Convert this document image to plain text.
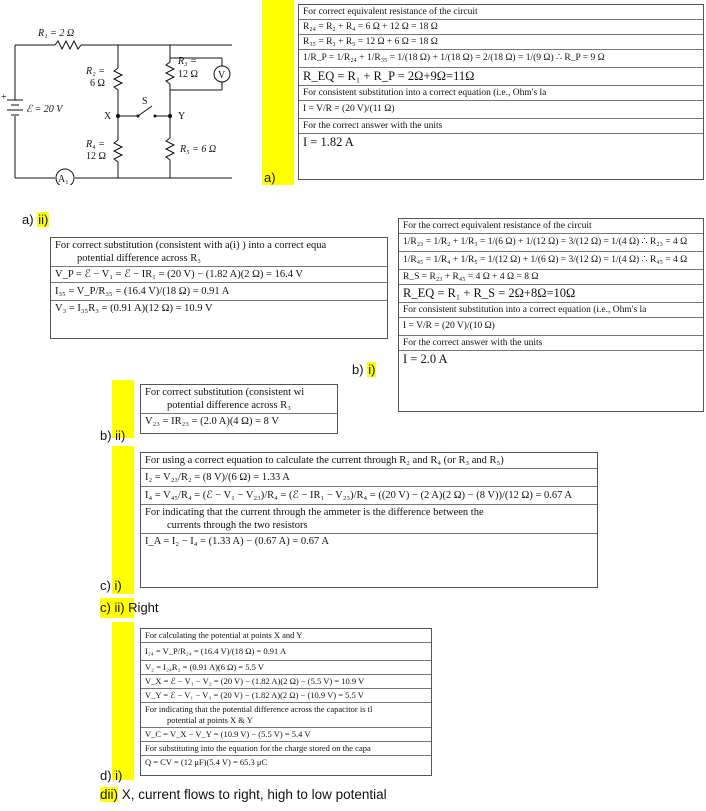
R₁ = 2 Ω
R₂ =
6 Ω
R₃ =
12 Ω
R₄ =
12 Ω
R₅ = 6 Ω
ℰ = 20 V
+
X	Y
S
V
A₁	a)
For correct equivalent resistance of the circuit
R₂₄ = R₂ + R₄ = 6 Ω + 12 Ω = 18 Ω
R₃₅ = R₃ + R₅ = 12 Ω + 6 Ω = 18 Ω
1/R_P = 1/R₂₄ + 1/R₃₅ = 1/(18 Ω) + 1/(18 Ω) = 2/(18 Ω) = 1/(9 Ω) ∴ R_P = 9 Ω
R_EQ = R₁ + R_P = 2Ω+9Ω=11Ω
For consistent substitution into a correct equation (i.e., Ohm's la
I = V/R = (20 V)/(11 Ω)
For the correct answer with the units
I = 1.82 A
a) ii)
For correct substitution (consistent with a(i) ) into a correct equa
potential difference across R₃
V_P = ℰ − V₁ = ℰ − IR₁ = (20 V) − (1.82 A)(2 Ω) = 16.4 V
I₃₅ = V_P/R₃₅ = (16.4 V)/(18 Ω) = 0.91 A
V₃ = I₃₅R₃ = (0.91 A)(12 Ω) = 10.9 V
For the correct equivalent resistance of the circuit
1/R₂₃ = 1/R₂ + 1/R₃ = 1/(6 Ω) + 1/(12 Ω) = 3/(12 Ω) = 1/(4 Ω) ∴ R₂₃ = 4 Ω
1/R₄₅ = 1/R₄ + 1/R₅ = 1/(12 Ω) + 1/(6 Ω) = 3/(12 Ω) = 1/(4 Ω) ∴ R₄₅ = 4 Ω
R_S = R₂₃ + R₄₅ = 4 Ω + 4 Ω = 8 Ω
R_EQ = R₁ + R_S = 2Ω+8Ω=10Ω
For consistent substitution into a correct equation (i.e., Ohm's la
I = V/R = (20 V)/(10 Ω)
For the correct answer with the units
I = 2.0 A
b) i)
For correct substitution (consistent wi
potential difference across R₃
V₂₃ = IR₂₃ = (2.0 A)(4 Ω) = 8 V
b) ii)
For using a correct equation to calculate the current through R₂ and R₄ (or R₃ and R₅)
I₂ = V₂₃/R₂ = (8 V)/(6 Ω) = 1.33 A
I₄ = V₄₅/R₄ = (ℰ − V₁ − V₂₃)/R₄ = (ℰ − IR₁ − V₂₃)/R₄ = ((20 V) − (2 A)(2 Ω) − (8 V))/(12 Ω) = 0.67 A
For indicating that the current through the ammeter is the difference between the
currents through the two resistors
I_A = I₂ − I₄ = (1.33 A) − (0.67 A) = 0.67 A
c) i)
c) ii) Right
For calculating the potential at points X and Y
I₂₄ = V_P/R₂₄ = (16.4 V)/(18 Ω) = 0.91 A
V₂ = I₂₄R₂ = (0.91 A)(6 Ω) = 5.5 V
V_X = ℰ − V₁ − V₂ = (20 V) − (1.82 A)(2 Ω) − (5.5 V) = 10.9 V
V_Y = ℰ − V₁ − V₃ = (20 V) − (1.82 A)(2 Ω) − (10.9 V) = 5.5 V
For indicating that the potential difference across the capacitor is tl
potential at points X & Y
V_C = V_X − V_Y = (10.9 V) − (5.5 V) = 5.4 V
For substituting into the equation for the charge stored on the capa
Q = CV = (12 μF)(5.4 V) = 65.3 μC
d) i)
dii) X, current flows to right, high to low potential
